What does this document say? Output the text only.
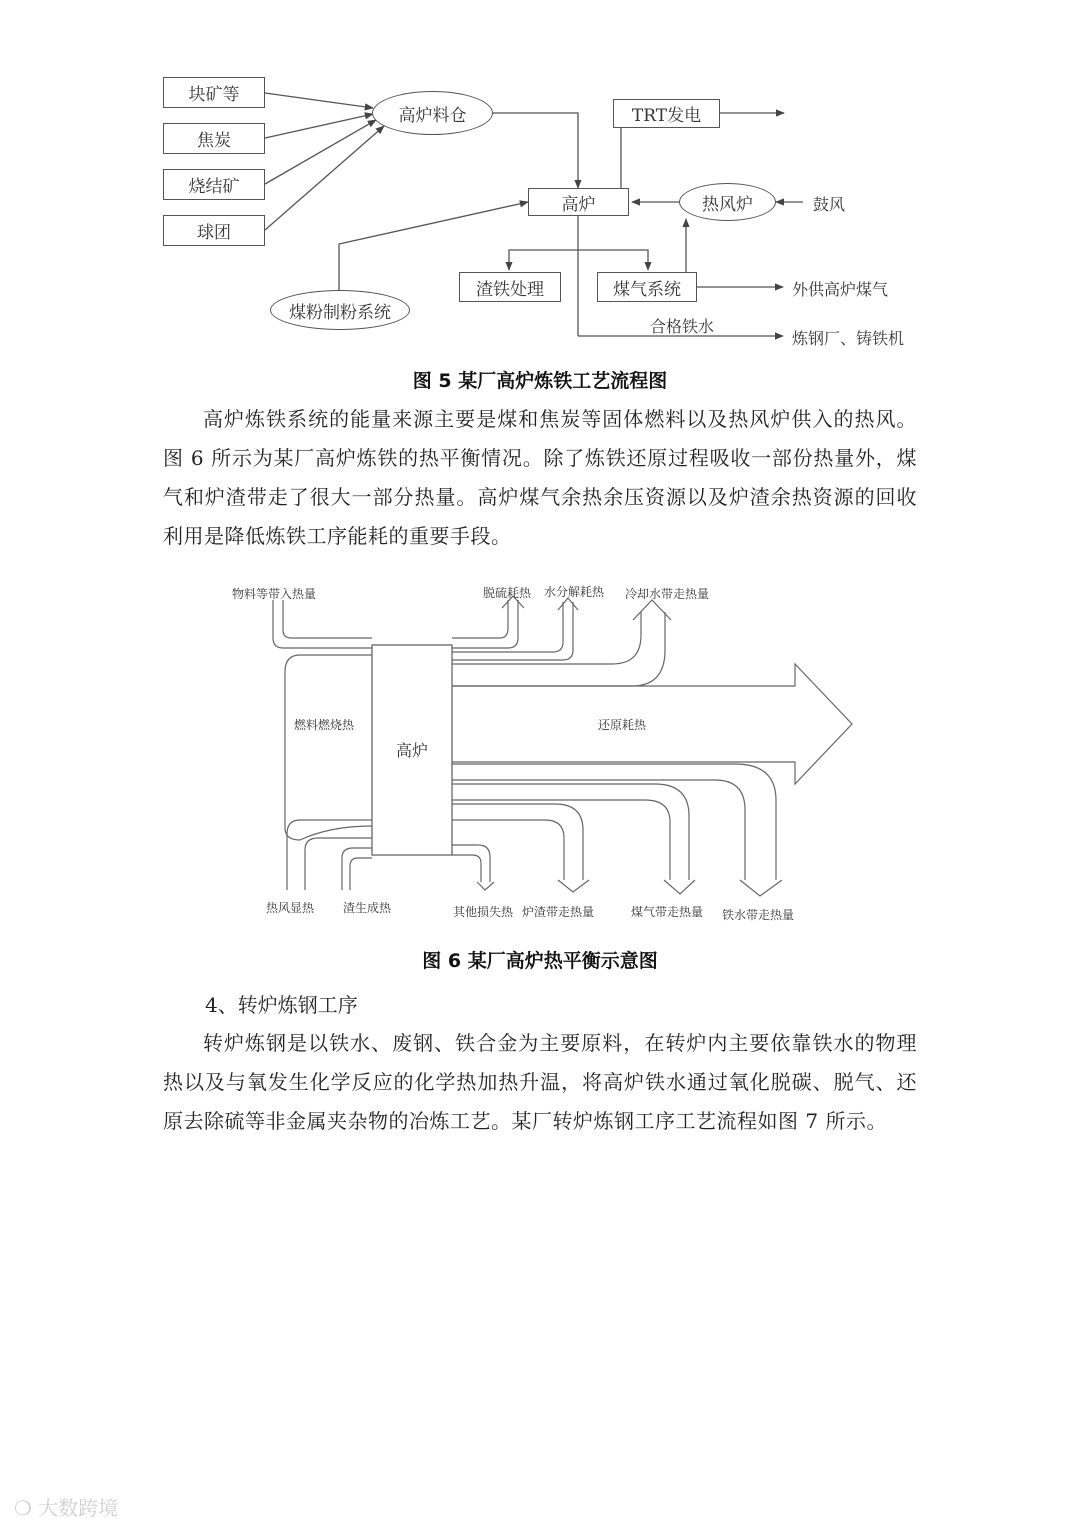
块矿等
焦炭
烧结矿
球团
高炉料仓	TRT发电
高炉	热风炉	鼓风
渣铁处理	煤气系统	外供高炉煤气
煤粉制粉系统
合格铁水
炼钢厂、铸铁机
图 5 某厂高炉炼铁工艺流程图

高炉炼铁系统的能量来源主要是煤和焦炭等固体燃料以及热风炉供入的热风。图 6 所示为某厂高炉炼铁的热平衡情况。除了炼铁还原过程吸收一部份热量外，煤气和炉渣带走了很大一部分热量。高炉煤气余热余压资源以及炉渣余热资源的回收利用是降低炼铁工序能耗的重要手段。

物料等带入热量	脱硫耗热 水分解耗热 冷却水带走热量
燃料燃烧热
高炉
还原耗热
热风显热 渣生成热	其他损失热 炉渣带走热量	煤气带走热量 铁水带走热量
图 6 某厂高炉热平衡示意图
4、转炉炼钢工序

转炉炼钢是以铁水、废钢、铁合金为主要原料，在转炉内主要依靠铁水的物理热以及与氧发生化学反应的化学热加热升温，将高炉铁水通过氧化脱碳、脱气、还原去除硫等非金属夹杂物的冶炼工艺。某厂转炉炼钢工序工艺流程如图 7 所示。

❍ 大数跨境
